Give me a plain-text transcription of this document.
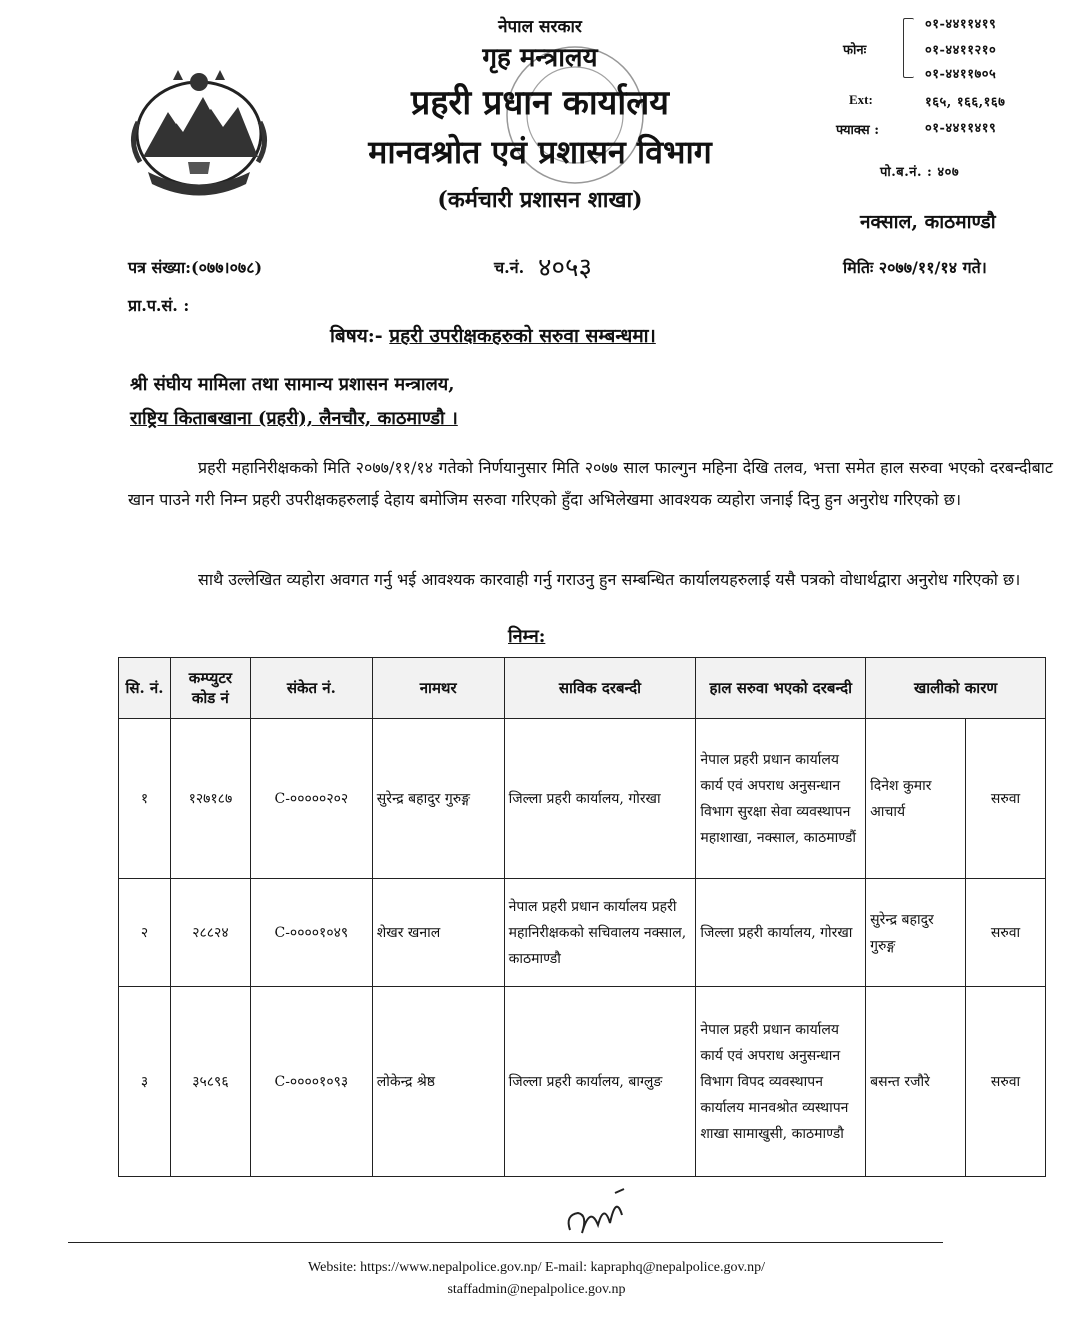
नेपाल सरकार
गृह मन्त्रालय
प्रहरी प्रधान कार्यालय
मानवश्रोत एवं प्रशासन विभाग
(कर्मचारी प्रशासन शाखा)
फोनः
०१-४४११४१९
०१-४४११२१०
०१-४४११७०५
Ext:	१६५, १६६,१६७
फ्याक्स :	०१-४४११४१९
पो.ब.नं. : ४०७
नक्साल, काठमाण्डौ
पत्र संख्या:(०७७।०७८)	च.नं. ४०५३	मितिः २०७७/११/१४ गते।
प्रा.प.सं. :
बिषय:- प्रहरी उपरीक्षकहरुको सरुवा सम्बन्धमा।
श्री संघीय मामिला तथा सामान्य प्रशासन मन्त्रालय,
राष्ट्रिय किताबखाना (प्रहरी), लैनचौर, काठमाण्डौ ।
प्रहरी महानिरीक्षकको मिति २०७७/११/१४ गतेको निर्णयानुसार मिति २०७७ साल फाल्गुन महिना देखि तलव, भत्ता समेत हाल सरुवा भएको दरबन्दीबाट खान पाउने गरी निम्न प्रहरी उपरीक्षकहरुलाई देहाय बमोजिम सरुवा गरिएको हुँदा अभिलेखमा आवश्यक व्यहोरा जनाई दिनु हुन अनुरोध गरिएको छ।
साथै उल्लेखित व्यहोरा अवगत गर्नु भई आवश्यक कारवाही गर्नु गराउनु हुन सम्बन्धित कार्यालयहरुलाई यसै पत्रको वोधार्थद्वारा अनुरोध गरिएको छ।
निम्न:
सि. नं.	कम्प्युटर कोड नं	संकेत नं.	नामथर	साविक दरबन्दी	हाल सरुवा भएको दरबन्दी	खालीको कारण	
१	१२७१८७	C-०००००२०२	सुरेन्द्र बहादुर गुरुङ्ग	जिल्ला प्रहरी कार्यालय, गोरखा	नेपाल प्रहरी प्रधान कार्यालय कार्य एवं अपराध अनुसन्धान विभाग सुरक्षा सेवा व्यवस्थापन महाशाखा, नक्साल, काठमाण्डौं	दिनेश कुमार आचार्य	सरुवा
२	२८८२४	C-००००१०४९	शेखर खनाल	नेपाल प्रहरी प्रधान कार्यालय प्रहरी महानिरीक्षकको सचिवालय नक्साल, काठमाण्डौ	जिल्ला प्रहरी कार्यालय, गोरखा	सुरेन्द्र बहादुर गुरुङ्ग	सरुवा
३	३५८९६	C-००००१०९३	लोकेन्द्र श्रेष्ठ	जिल्ला प्रहरी कार्यालय, बाग्लुङ	नेपाल प्रहरी प्रधान कार्यालय कार्य एवं अपराध अनुसन्धान विभाग विपद व्यवस्थापन कार्यालय मानवश्रोत व्यस्थापन शाखा सामाखुसी, काठमाण्डौ	बसन्त रजौरे	सरुवा
Website: https://www.nepalpolice.gov.np/ E-mail: kapraphq@nepalpolice.gov.np/
staffadmin@nepalpolice.gov.np
